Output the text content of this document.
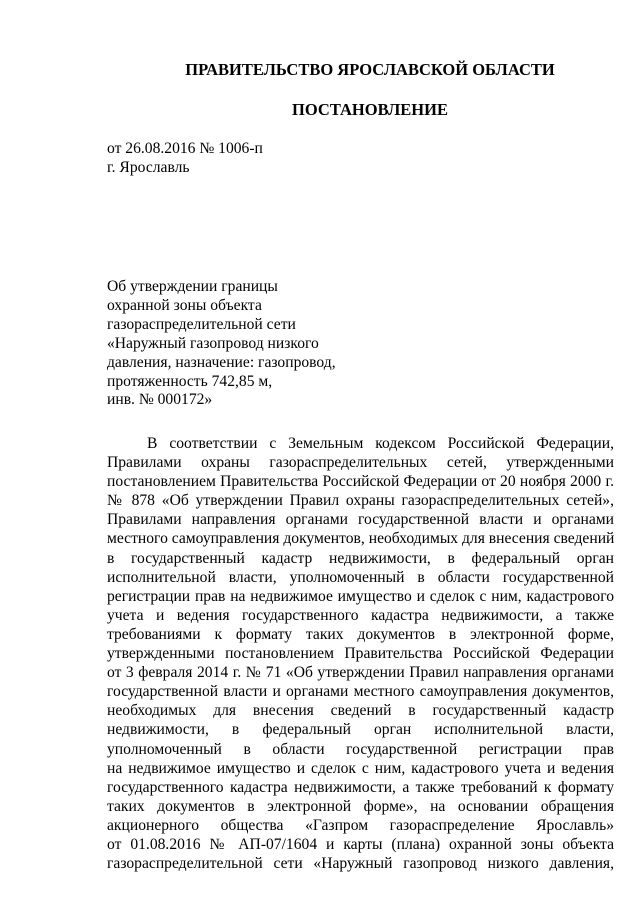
ПРАВИТЕЛЬСТВО ЯРОСЛАВСКОЙ ОБЛАСТИ
ПОСТАНОВЛЕНИЕ
от 26.08.2016 № 1006-п
г. Ярославль
Об утверждении границы
охранной зоны объекта
газораспределительной сети
«Наружный газопровод низкого
давления, назначение: газопровод,
протяженность 742,85 м,
инв. № 000172»
В соответствии с Земельным кодексом Российской Федерации,
Правилами охраны газораспределительных сетей, утвержденными
постановлением Правительства Российской Федерации от 20 ноября 2000 г.
№ 878 «Об утверждении Правил охраны газораспределительных сетей»,
Правилами направления органами государственной власти и органами
местного самоуправления документов, необходимых для внесения сведений
в государственный кадастр недвижимости, в федеральный орган
исполнительной власти, уполномоченный в области государственной
регистрации прав на недвижимое имущество и сделок с ним, кадастрового
учета и ведения государственного кадастра недвижимости, а также
требованиями к формату таких документов в электронной форме,
утвержденными постановлением Правительства Российской Федерации
от 3 февраля 2014 г. № 71 «Об утверждении Правил направления органами
государственной власти и органами местного самоуправления документов,
необходимых для внесения сведений в государственный кадастр
недвижимости, в федеральный орган исполнительной власти,
уполномоченный в области государственной регистрации прав
на недвижимое имущество и сделок с ним, кадастрового учета и ведения
государственного кадастра недвижимости, а также требований к формату
таких документов в электронной форме», на основании обращения
акционерного общества «Газпром газораспределение Ярославль»
от 01.08.2016 № АП-07/1604 и карты (плана) охранной зоны объекта
газораспределительной сети «Наружный газопровод низкого давления,
